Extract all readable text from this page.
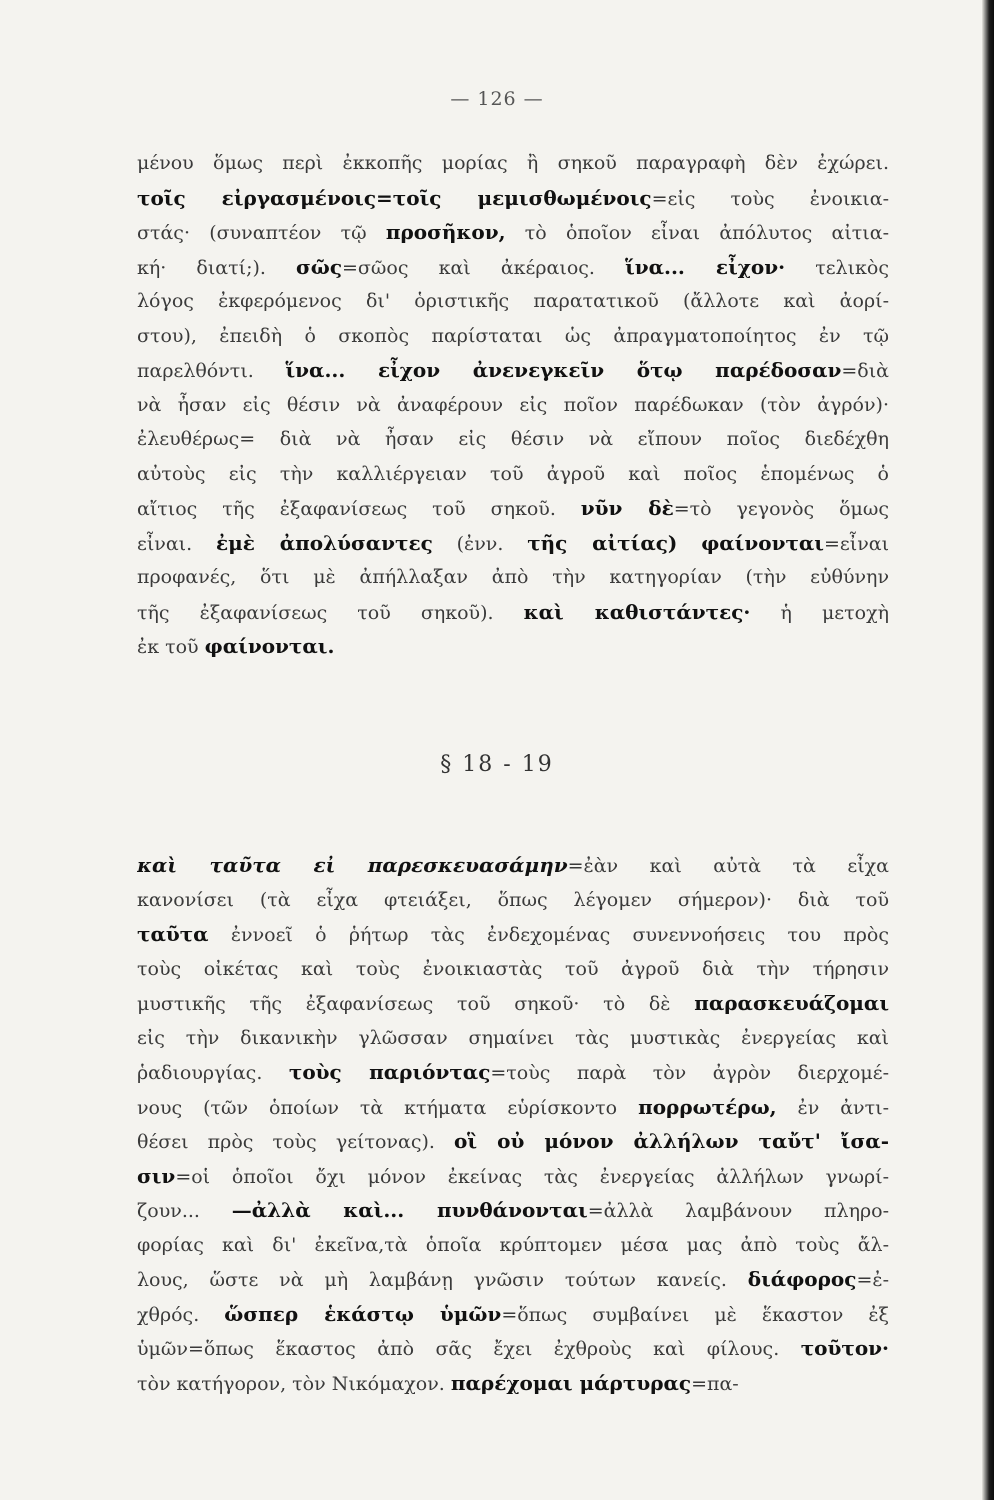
— 126 —
μένου ὅμως περὶ ἐκκοπῆς μορίας ἢ σηκοῦ παραγραφὴ δὲν ἐχώρει.
τοῖς εἰργασμένοις=τοῖς μεμισθωμένοις=εἰς τοὺς ἐνοικια-
στάς· (συναπτέον τῷ προσῆκον, τὸ ὁποῖον εἶναι ἀπόλυτος αἰτια-
κή· διατί;). σῶς=σῶος καὶ ἀκέραιος. ἵνα... εἶχον· τελικὸς
λόγος ἐκφερόμενος δι' ὁριστικῆς παρατατικοῦ (ἄλλοτε καὶ ἀορί-
στου), ἐπειδὴ ὁ σκοπὸς παρίσταται ὡς ἀπραγματοποίητος ἐν τῷ
παρελθόντι. ἵνα... εἶχον ἀνενεγκεῖν ὅτῳ παρέδοσαν=διὰ
νὰ ἦσαν εἰς θέσιν νὰ ἀναφέρουν εἰς ποῖον παρέδωκαν (τὸν ἀγρόν)·
ἐλευθέρως= διὰ νὰ ἦσαν εἰς θέσιν νὰ εἴπουν ποῖος διεδέχθη
αὐτοὺς εἰς τὴν καλλιέργειαν τοῦ ἀγροῦ καὶ ποῖος ἑπομένως ὁ
αἴτιος τῆς ἐξαφανίσεως τοῦ σηκοῦ. νῦν δὲ=τὸ γεγονὸς ὅμως
εἶναι. ἐμὲ ἀπολύσαντες (ἐνν. τῆς αἰτίας) φαίνονται=εἶναι
προφανές, ὅτι μὲ ἀπήλλαξαν ἀπὸ τὴν κατηγορίαν (τὴν εὐθύνην
τῆς ἐξαφανίσεως τοῦ σηκοῦ). καὶ καθιστάντες· ἡ μετοχὴ
ἐκ τοῦ φαίνονται.
§ 18 - 19
καὶ ταῦτα εἰ παρεσκευασάμην=ἐὰν καὶ αὐτὰ τὰ εἶχα
κανονίσει (τὰ εἶχα φτειάξει, ὅπως λέγομεν σήμερον)· διὰ τοῦ
ταῦτα ἐννοεῖ ὁ ῥήτωρ τὰς ἐνδεχομένας συνεννοήσεις του πρὸς
τοὺς οἰκέτας καὶ τοὺς ἐνοικιαστὰς τοῦ ἀγροῦ διὰ τὴν τήρησιν
μυστικῆς τῆς ἐξαφανίσεως τοῦ σηκοῦ· τὸ δὲ παρασκευάζομαι
εἰς τὴν δικανικὴν γλῶσσαν σημαίνει τὰς μυστικὰς ἐνεργείας καὶ
ῥαδιουργίας. τοὺς παριόντας=τοὺς παρὰ τὸν ἀγρὸν διερχομέ-
νους (τῶν ὁποίων τὰ κτήματα εὑρίσκοντο πορρωτέρω, ἐν ἀντι-
θέσει πρὸς τοὺς γείτονας). οἳ οὐ μόνον ἀλλήλων ταὔτ' ἴσα-
σιν=οἱ ὁποῖοι ὄχι μόνον ἐκείνας τὰς ἐνεργείας ἀλλήλων γνωρί-
ζουν... —ἀλλὰ καὶ... πυνθάνονται=ἀλλὰ λαμβάνουν πληρο-
φορίας καὶ δι' ἐκεῖνα,τὰ ὁποῖα κρύπτομεν μέσα μας ἀπὸ τοὺς ἄλ-
λους, ὥστε νὰ μὴ λαμβάνῃ γνῶσιν τούτων κανείς. διάφορος=ἐ-
χθρός. ὥσπερ ἑκάστῳ ὑμῶν=ὅπως συμβαίνει μὲ ἕκαστον ἐξ
ὑμῶν=ὅπως ἕκαστος ἀπὸ σᾶς ἔχει ἐχθροὺς καὶ φίλους. τοῦτον·
τὸν κατήγορον, τὸν Νικόμαχον. παρέχομαι μάρτυρας=πα-
